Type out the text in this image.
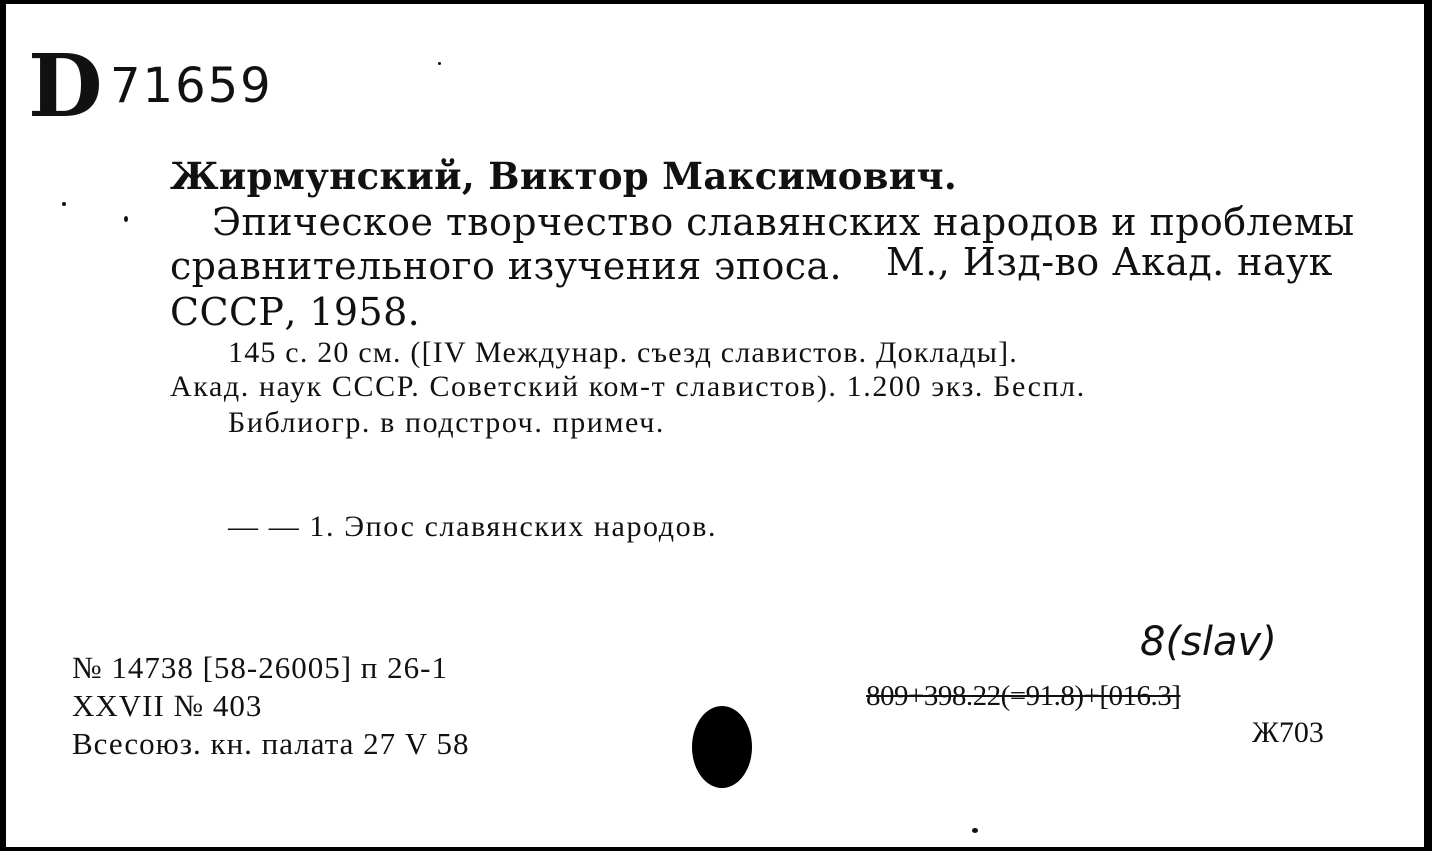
D 71659
Жирмунский, Виктор Максимович.
Эпическое творчество славянских народов и проблемы
сравнительного изучения эпоса. М., Изд-во Акад. наук
СССР, 1958.
145 с. 20 см. ([IV Междунар. съезд славистов. Доклады].
Акад. наук СССР. Советский ком-т славистов). 1.200 экз. Беспл.
Библиогр. в подстроч. примеч.
— — 1. Эпос славянских народов.
№ 14738 [58-26005] п 26-1
XXVII № 403
Всесоюз. кн. палата 27 V 58
8(slav)
809+398.22(=91.8)+[016.3]
Ж703
